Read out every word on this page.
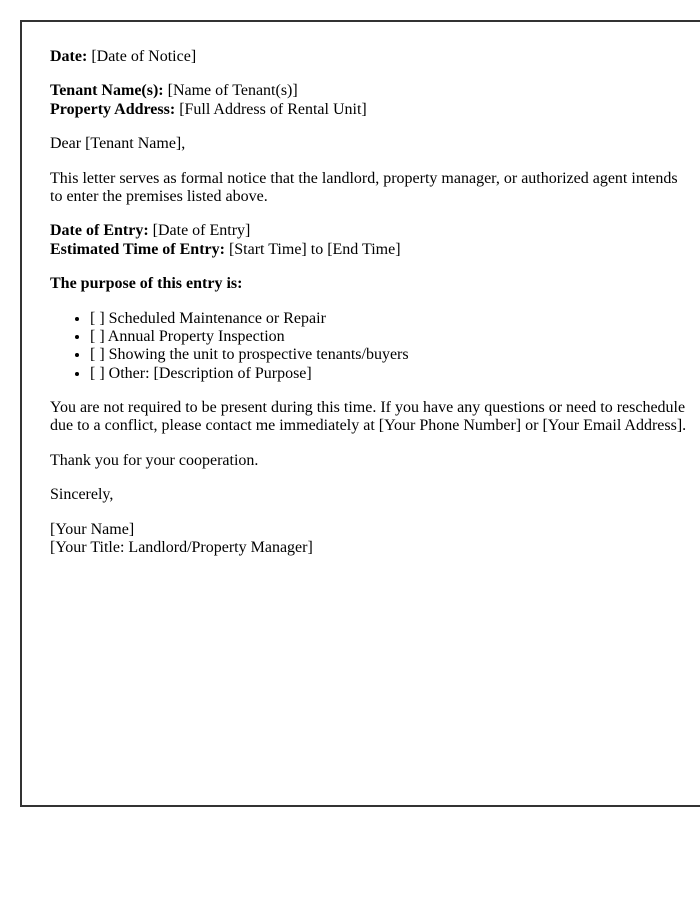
Date: [Date of Notice]

Tenant Name(s): [Name of Tenant(s)]
Property Address: [Full Address of Rental Unit]

Dear [Tenant Name],

This letter serves as formal notice that the landlord, property manager, or authorized agent intends to enter the premises listed above.

Date of Entry: [Date of Entry]
Estimated Time of Entry: [Start Time] to [End Time]

The purpose of this entry is:

• [ ] Scheduled Maintenance or Repair
• [ ] Annual Property Inspection
• [ ] Showing the unit to prospective tenants/buyers
• [ ] Other: [Description of Purpose]

You are not required to be present during this time. If you have any questions or need to reschedule due to a conflict, please contact me immediately at [Your Phone Number] or [Your Email Address].

Thank you for your cooperation.

Sincerely,

[Your Name]
[Your Title: Landlord/Property Manager]
